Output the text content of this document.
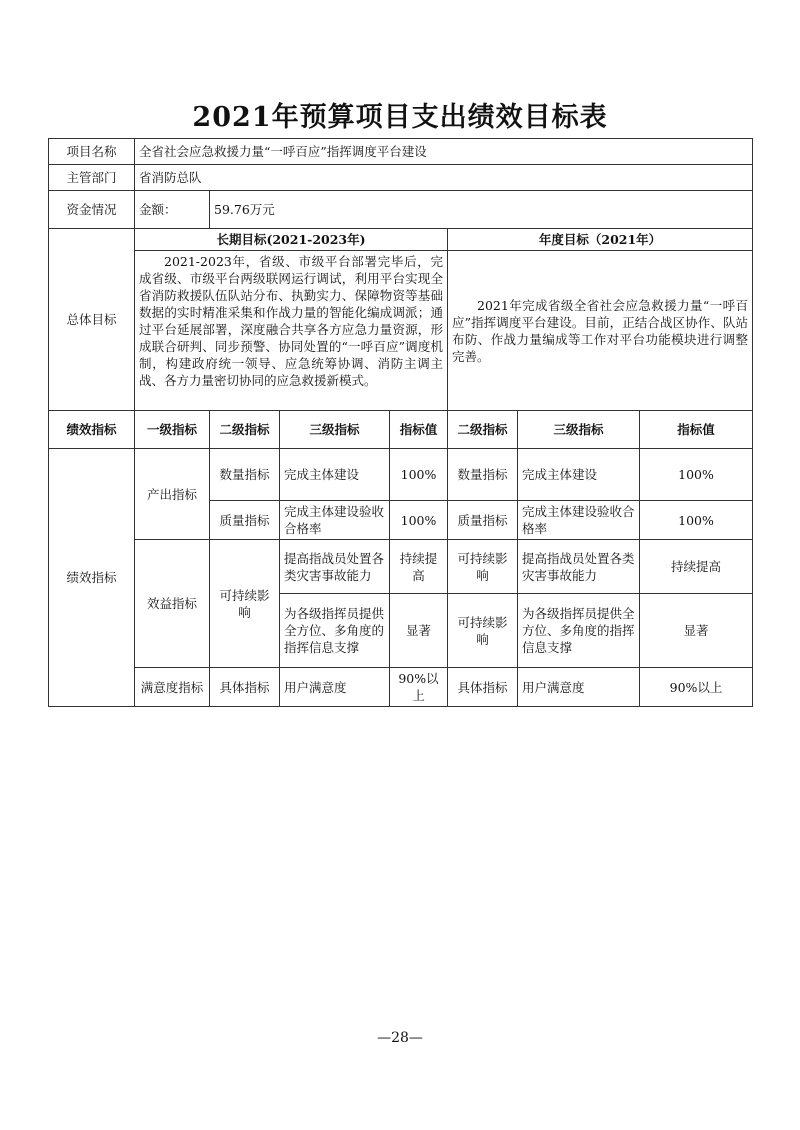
2021年预算项目支出绩效目标表
项目名称	全省社会应急救援力量“一呼百应”指挥调度平台建设						
主管部门	省消防总队						
资金情况	金额：	59.76万元					
总体目标	长期目标(2021-2023年)				年度目标（2021年）		
	2021-2023年，省级、市级平台部署完毕后，完成省级、市级平台两级联网运行调试，利用平台实现全省消防救援队伍队站分布、执勤实力、保障物资等基础数据的实时精准采集和作战力量的智能化编成调派；通过平台延展部署，深度融合共享各方应急力量资源，形成联合研判、同步预警、协同处置的“一呼百应”调度机制，构建政府统一领导、应急统筹协调、消防主调主战、各方力量密切协同的应急救援新模式。				2021年完成省级全省社会应急救援力量“一呼百应”指挥调度平台建设。目前，正结合战区协作、队站布防、作战力量编成等工作对平台功能模块进行调整完善。		
绩效指标	一级指标	二级指标	三级指标	指标值	二级指标	三级指标	指标值
绩效指标	产出指标	数量指标	完成主体建设	100%	数量指标	完成主体建设	100%
		质量指标	完成主体建设验收合格率	100%	质量指标	完成主体建设验收合格率	100%
	效益指标	可持续影响	提高指战员处置各类灾害事故能力	持续提高	可持续影响	提高指战员处置各类灾害事故能力	持续提高
			为各级指挥员提供全方位、多角度的指挥信息支撑	显著	可持续影响	为各级指挥员提供全方位、多角度的指挥信息支撑	显著
	满意度指标	具体指标	用户满意度	90%以上	具体指标	用户满意度	90%以上
—28—
